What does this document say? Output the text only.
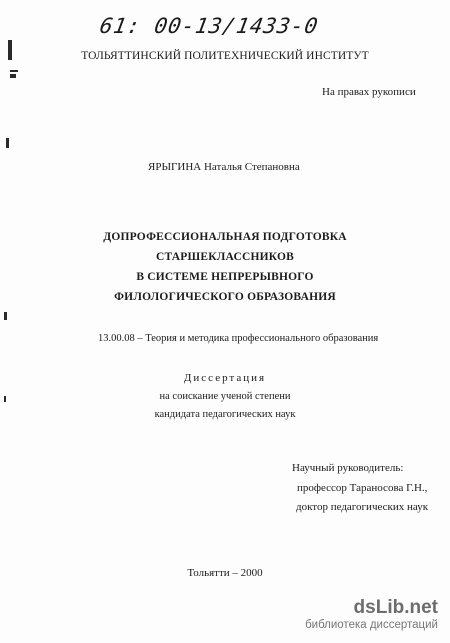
61: 00-13/1433-0
ТОЛЬЯТТИНСКИЙ ПОЛИТЕХНИЧЕСКИЙ ИНСТИТУТ
На правах рукописи
ЯРЫГИНА Наталья Степановна
ДОПРОФЕССИОНАЛЬНАЯ ПОДГОТОВКА
СТАРШЕКЛАССНИКОВ
В СИСТЕМЕ НЕПРЕРЫВНОГО
ФИЛОЛОГИЧЕСКОГО ОБРАЗОВАНИЯ
13.00.08 – Теория и методика профессионального образования
Диссертация
на соискание ученой степени
кандидата педагогических наук
Научный руководитель:
профессор Тараносова Г.Н.,
доктор педагогических наук
Тольятти – 2000
dsLib.net
библиотека диссертаций
